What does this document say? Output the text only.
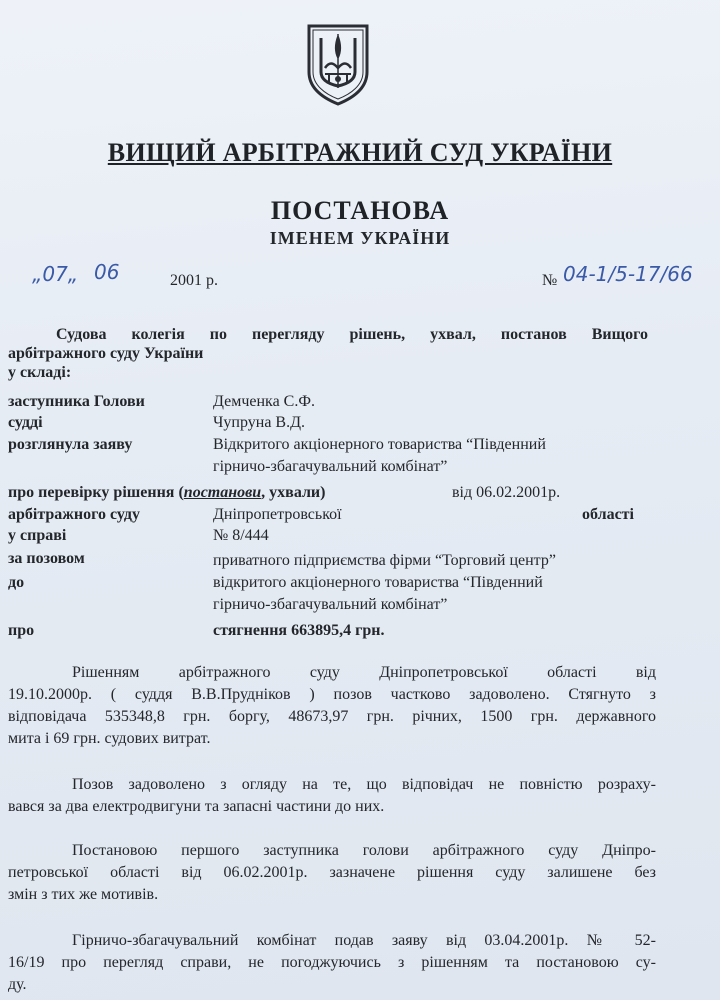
ВИЩИЙ АРБІТРАЖНИЙ СУД УКРАЇНИ
ПОСТАНОВА
ІМЕНЕМ УКРАЇНИ
„07„ 06	2001 р.	№ 04-1/5-17/66
Судова колегія по перегляду рішень, ухвал, постанов Вищого
арбітражного суду України
у складі:
заступника Голови	Демченка С.Ф.
судді	Чупруна В.Д.
розглянула заяву	Відкритого акціонерного товариства “Південний
гірничо-збагачувальний комбінат”
про перевірку рішення (постанови, ухвали)	від 06.02.2001р.
арбітражного суду	Дніпропетровської	області
у справі	№ 8/444
за позовом	приватного підприємства фірми “Торговий центр”
до	відкритого акціонерного товариства “Південний
гірничо-збагачувальний комбінат”
про	стягнення 663895,4 грн.
Рішенням арбітражного суду Дніпропетровської області від
19.10.2000р. ( суддя В.В.Прудніков ) позов частково задоволено. Стягнуто з
відповідача 535348,8 грн. боргу, 48673,97 грн. річних, 1500 грн. державного
мита і 69 грн. судових витрат.
Позов задоволено з огляду на те, що відповідач не повністю розраху-
вався за два електродвигуни та запасні частини до них.
Постановою першого заступника голови арбітражного суду Дніпро-
петровської області від 06.02.2001р. зазначене рішення суду залишене без
змін з тих же мотивів.
Гірничо-збагачувальний комбінат подав заяву від 03.04.2001р. № 52-
16/19 про перегляд справи, не погоджуючись з рішенням та постановою су-
ду.
